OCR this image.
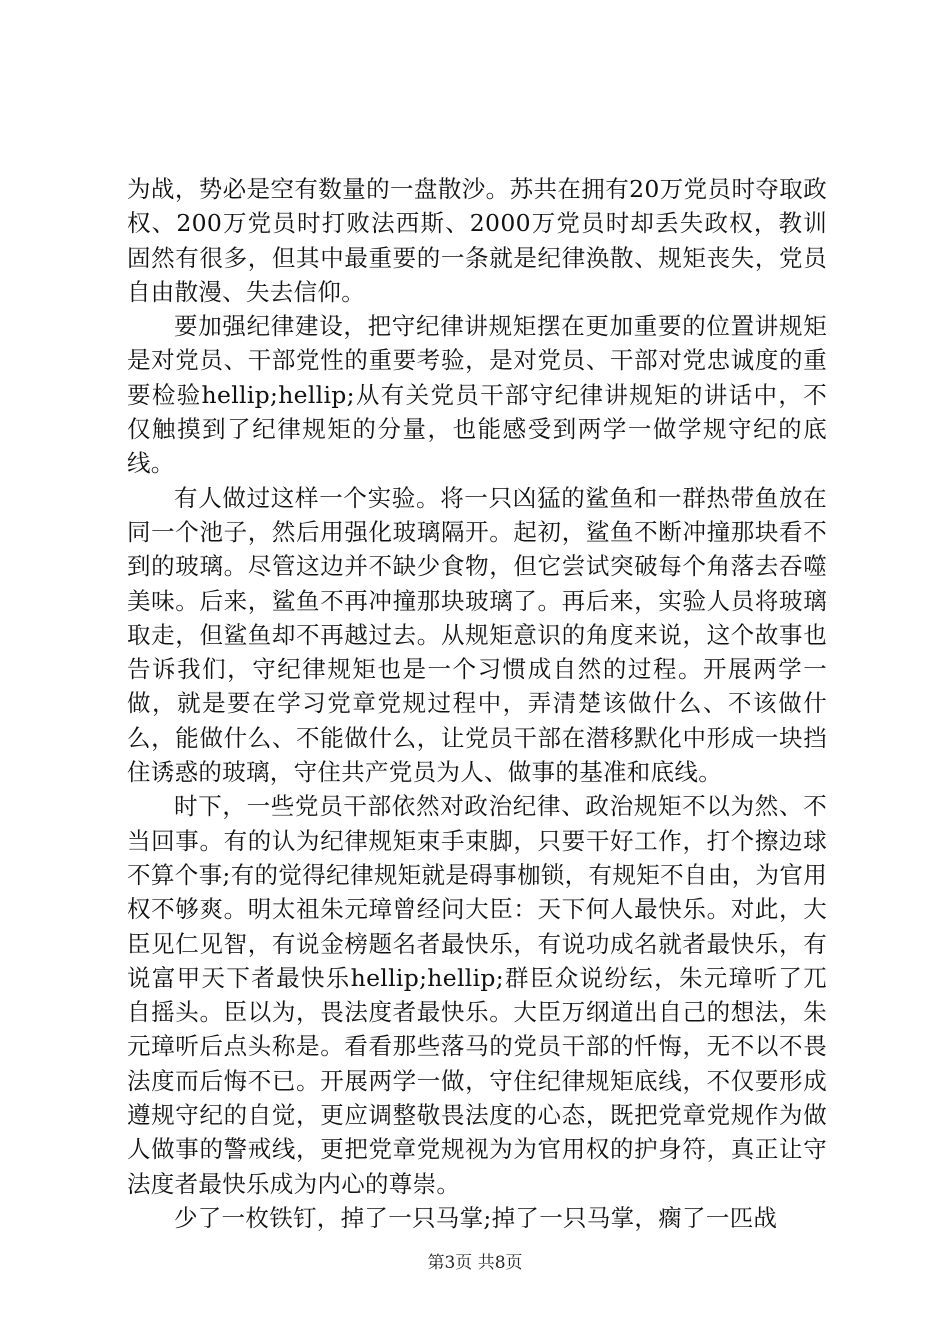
为战，势必是空有数量的一盘散沙。苏共在拥有20万党员时夺取政权、200万党员时打败法西斯、2000万党员时却丢失政权，教训固然有很多，但其中最重要的一条就是纪律涣散、规矩丧失，党员自由散漫、失去信仰。

要加强纪律建设，把守纪律讲规矩摆在更加重要的位置讲规矩是对党员、干部党性的重要考验，是对党员、干部对党忠诚度的重要检验hellip;hellip;从有关党员干部守纪律讲规矩的讲话中，不仅触摸到了纪律规矩的分量，也能感受到两学一做学规守纪的底线。

有人做过这样一个实验。将一只凶猛的鲨鱼和一群热带鱼放在同一个池子，然后用强化玻璃隔开。起初，鲨鱼不断冲撞那块看不到的玻璃。尽管这边并不缺少食物，但它尝试突破每个角落去吞噬美味。后来，鲨鱼不再冲撞那块玻璃了。再后来，实验人员将玻璃取走，但鲨鱼却不再越过去。从规矩意识的角度来说，这个故事也告诉我们，守纪律规矩也是一个习惯成自然的过程。开展两学一做，就是要在学习党章党规过程中，弄清楚该做什么、不该做什么，能做什么、不能做什么，让党员干部在潜移默化中形成一块挡住诱惑的玻璃，守住共产党员为人、做事的基准和底线。

时下，一些党员干部依然对政治纪律、政治规矩不以为然、不当回事。有的认为纪律规矩束手束脚，只要干好工作，打个擦边球不算个事;有的觉得纪律规矩就是碍事枷锁，有规矩不自由，为官用权不够爽。明太祖朱元璋曾经问大臣：天下何人最快乐。对此，大臣见仁见智，有说金榜题名者最快乐，有说功成名就者最快乐，有说富甲天下者最快乐hellip;hellip;群臣众说纷纭，朱元璋听了兀自摇头。臣以为，畏法度者最快乐。大臣万纲道出自己的想法，朱元璋听后点头称是。看看那些落马的党员干部的忏悔，无不以不畏法度而后悔不已。开展两学一做，守住纪律规矩底线，不仅要形成遵规守纪的自觉，更应调整敬畏法度的心态，既把党章党规作为做人做事的警戒线，更把党章党规视为为官用权的护身符，真正让守法度者最快乐成为内心的尊崇。

少了一枚铁钉，掉了一只马掌;掉了一只马掌，瘸了一匹战

第3页 共8页
